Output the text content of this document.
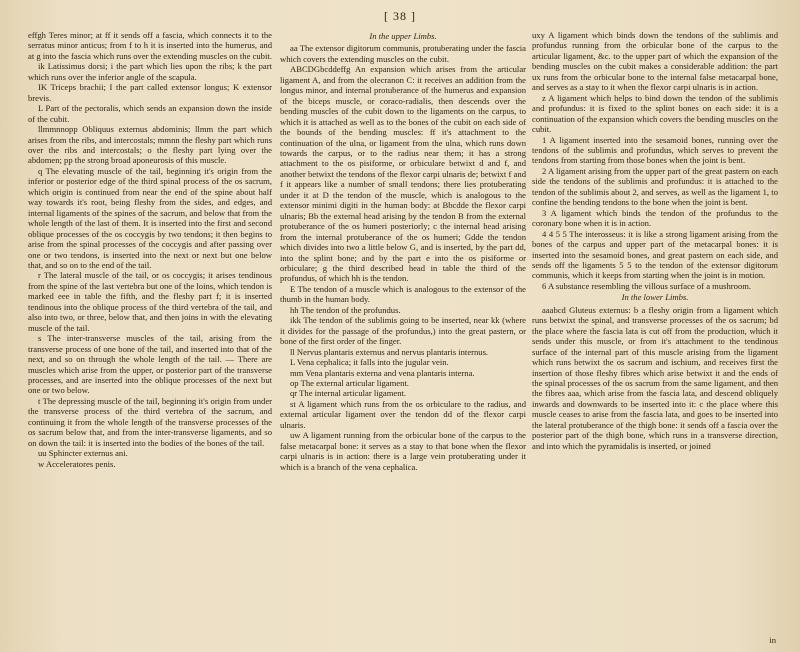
[ 38 ]

effgh Teres minor; at ff it sends off a fascia, which connects it to the serratus minor anticus; from f to h it is inserted into the humerus, and at g into the fascia which runs over the extending muscles on the cubit.

ik Latissimus dorsi; i the part which lies upon the ribs; k the part which runs over the inferior angle of the scapula.

IK Triceps brachii; I the part called extensor longus; K extensor brevis.

L Part of the pectoralis, which sends an expansion down the inside of the cubit.

llmmnnopp Obliquus externus abdominis; llmm the part which arises from the ribs, and intercostals; mmnn the fleshy part which runs over the ribs and intercostals; o the fleshy part lying over the abdomen; pp the strong broad aponeurosis of this muscle.

q The elevating muscle of the tail, beginning it's origin from the inferior or posterior edge of the third spinal process of the os sacrum, which origin is continued from near the end of the spine about half way towards it's root, being fleshy from the sides, and edges, and internal ligaments of the spines of the sacrum, and below that from the whole length of the last of them. It is inserted into the first and second oblique processes of the os coccygis by two tendons; it then begins to arise from the spinal processes of the coccygis and after passing over one or two tendons, is inserted into the next or next but one below that, and so on to the end of the tail.

r The lateral muscle of the tail, or os coccygis; it arises tendinous from the spine of the last vertebra but one of the loins, which tendon is marked eee in table the fifth, and the fleshy part f; it is inserted tendinous into the oblique process of the third vertebra of the tail, and also into two, or three, below that, and then joins in with the elevating muscle of the tail.

s The inter-transverse muscles of the tail, arising from the transverse process of one bone of the tail, and inserted into that of the next, and so on through the whole length of the tail. — There are muscles which arise from the upper, or posterior part of the transverse processes, and are inserted into the oblique processes of the next but one or two below.

t The depressing muscle of the tail, beginning it's origin from under the transverse process of the third vertebra of the sacrum, and continuing it from the whole length of the transverse processes of the os sacrum below that, and from the inter-transverse ligaments, and so on down the tail: it is inserted into the bodies of the bones of the tail.

uu Sphincter externus ani.

w Acceleratores penis.

In the upper Limbs.

aa The extensor digitorum communis, protuberating under the fascia which covers the extending muscles on the cubit.

ABCDGbcddeffg An expansion which arises from the articular ligament A, and from the olecranon C: it receives an addition from the longus minor, and internal protuberance of the humerus and expansion of the biceps muscle, or coraco-radialis, then descends over the bending muscles of the cubit down to the ligaments on the carpus, to which it is attached as well as to the bones of the cubit on each side of the bounds of the bending muscles: ff it's attachment to the continuation of the ulna, or ligament from the ulna, which runs down towards the carpus, or to the radius near them; it has a strong attachment to the os pisiforme, or orbiculare betwixt d and f, and another betwixt the tendons of the flexor carpi ulnaris de; betwixt f and f it appears like a number of small tendons; there lies protuberating under it at D the tendon of the muscle, which is analogous to the extensor minimi digiti in the human body: at Bbcdde the flexor carpi ulnaris; Bb the external head arising by the tendon B from the external protuberance of the os humeri posteriorly; c the internal head arising from the internal protuberance of the os humeri; Gdde the tendon which divides into two a little below G, and is inserted, by the part dd, into the splint bone; and by the part e into the os pisiforme or orbiculare; g the third described head in table the third of the profundus, of which hh is the tendon.

E The tendon of a muscle which is analogous to the extensor of the thumb in the human body.

hh The tendon of the profundus.

ikk The tendon of the sublimis going to be inserted, near kk (where it divides for the passage of the profundus,) into the great pastern, or bone of the first order of the finger.

ll Nervus plantaris externus and nervus plantaris internus.

L Vena cephalica; it falls into the jugular vein.

mm Vena plantaris externa and vena plantaris interna.

op The external articular ligament.

qr The internal articular ligament.

st A ligament which runs from the os orbiculare to the radius, and external articular ligament over the tendon dd of the flexor carpi ulnaris.

uw A ligament running from the orbicular bone of the carpus to the false metacarpal bone: it serves as a stay to that bone when the flexor carpi ulnaris is in action: there is a large vein protuberating under it which is a branch of the vena cephalica.

uxy A ligament which binds down the tendons of the sublimis and profundus running from the orbicular bone of the carpus to the articular ligament, &c. to the upper part of which the expansion of the bending muscles on the cubit makes a considerable addition: the part ux runs from the orbicular bone to the internal false metacarpal bone, and serves as a stay to it when the flexor carpi ulnaris is in action.

z A ligament which helps to bind down the tendon of the sublimis and profundus: it is fixed to the splint bones on each side: it is a continuation of the expansion which covers the bending muscles on the cubit.

1 A ligament inserted into the sesamoid bones, running over the tendons of the sublimis and profundus, which serves to prevent the tendons from starting from those bones when the joint is bent.

2 A ligament arising from the upper part of the great pastern on each side the tendons of the sublimis and profundus: it is attached to the tendon of the sublimis about 2, and serves, as well as the ligament 1, to confine the bending tendons to the bone when the joint is bent.

3 A ligament which binds the tendon of the profundus to the coronary bone when it is in action.

4 4 5 5 The interosseus: it is like a strong ligament arising from the bones of the carpus and upper part of the metacarpal bones: it is inserted into the sesamoid bones, and great pastern on each side, and sends off the ligaments 5 5 to the tendon of the extensor digitorum communis, which it keeps from starting when the joint is in motion.

6 A substance resembling the villous surface of a mushroom.

In the lower Limbs.

aaabcd Gluteus externus: b a fleshy origin from a ligament which runs betwixt the spinal, and transverse processes of the os sacrum; bd the place where the fascia lata is cut off from the production, which it sends under this muscle, or from it's attachment to the tendinous surface of the internal part of this muscle arising from the ligament which runs betwixt the os sacrum and ischium, and receives first the insertion of those fleshy fibres which arise betwixt it and the ends of the spinal processes of the os sacrum from the same ligament, and then the fibres aaa, which arise from the fascia lata, and descend obliquely inwards and downwards to be inserted into it: c the place where this muscle ceases to arise from the fascia lata, and goes to be inserted into the lateral protuberance of the thigh bone: it sends off a fascia over the posterior part of the thigh bone, which runs in a transverse direction, and into which the pyramidalis is inserted, or joined

in
